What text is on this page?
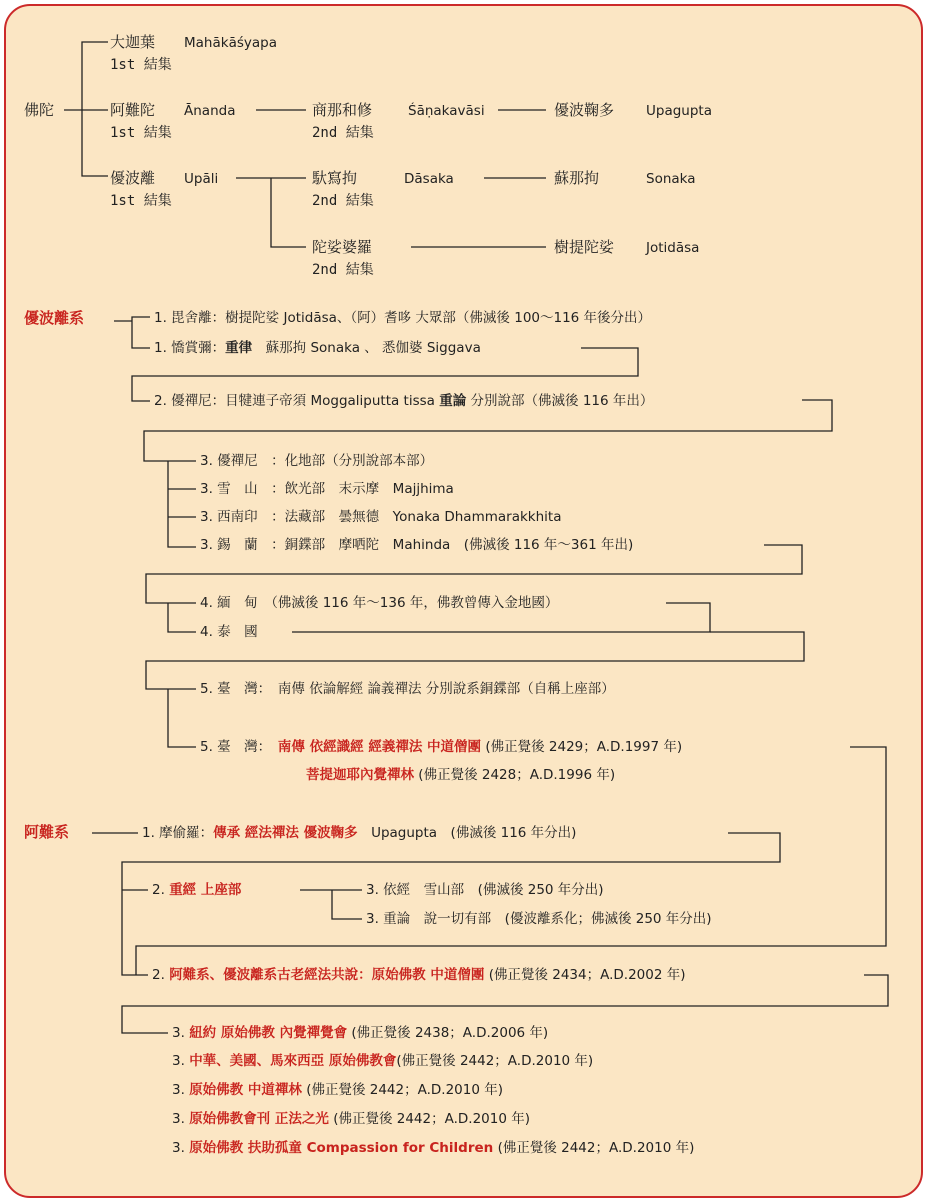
佛陀
大迦葉 Mahākāśyapa
1st 結集
阿難陀 Ānanda
1st 結集
優波離 Upāli
1st 結集
商那和修	Śāṇakavāsi
2nd 結集
優波鞠多 Upagupta
馱寫拘	Dāsaka
2nd 結集
蘇那拘	Sonaka
陀娑婆羅
2nd 結集
樹提陀娑 Jotidāsa
優波離系	1. 毘舍離：樹提陀娑 Jotidāsa、（阿）耆哆 大眾部（佛滅後 100～116 年後分出）
1. 憍賞彌：重律　蘇那拘 Sonaka 、 悉伽婆 Siggava
2. 優禪尼：目犍連子帝須 Moggaliputta tissa 重論 分別說部（佛滅後 116 年出）
3. 優禪尼　：化地部（分別說部本部）
3. 雪　山　：飲光部　末示摩　Majjhima
3. 西南印　：法藏部　曇無德　Yonaka Dhammarakkhita
3. 錫　蘭　：銅鍱部　摩哂陀　Mahinda　(佛滅後 116 年～361 年出)
4. 緬　甸　（佛滅後 116 年～136 年，佛教曾傳入金地國）
4. 泰　國
5. 臺　灣：　南傳 依論解經 論義禪法 分別說系銅鍱部（自稱上座部）
5. 臺　灣：　 南傳 依經識經 經義禪法 中道僧團 (佛正覺後 2429；A.D.1997 年)
菩提迦耶內覺禪林 (佛正覺後 2428；A.D.1996 年)
阿難系	1. 摩偷羅：傳承 經法禪法 優波鞠多　Upagupta　(佛滅後 116 年分出)
2. 重經 上座部	3. 依經　雪山部　(佛滅後 250 年分出)
3. 重論　說一切有部　(優波離系化；佛滅後 250 年分出)
2. 阿難系、優波離系古老經法共說：原始佛教 中道僧團 (佛正覺後 2434；A.D.2002 年)
3. 紐約 原始佛教 內覺禪覺會 (佛正覺後 2438；A.D.2006 年)
3. 中華、美國、馬來西亞 原始佛教會(佛正覺後 2442；A.D.2010 年)
3. 原始佛教 中道禪林 (佛正覺後 2442；A.D.2010 年)
3. 原始佛教會刊 正法之光 (佛正覺後 2442；A.D.2010 年)
3. 原始佛教 扶助孤童 Compassion for Children (佛正覺後 2442；A.D.2010 年)
